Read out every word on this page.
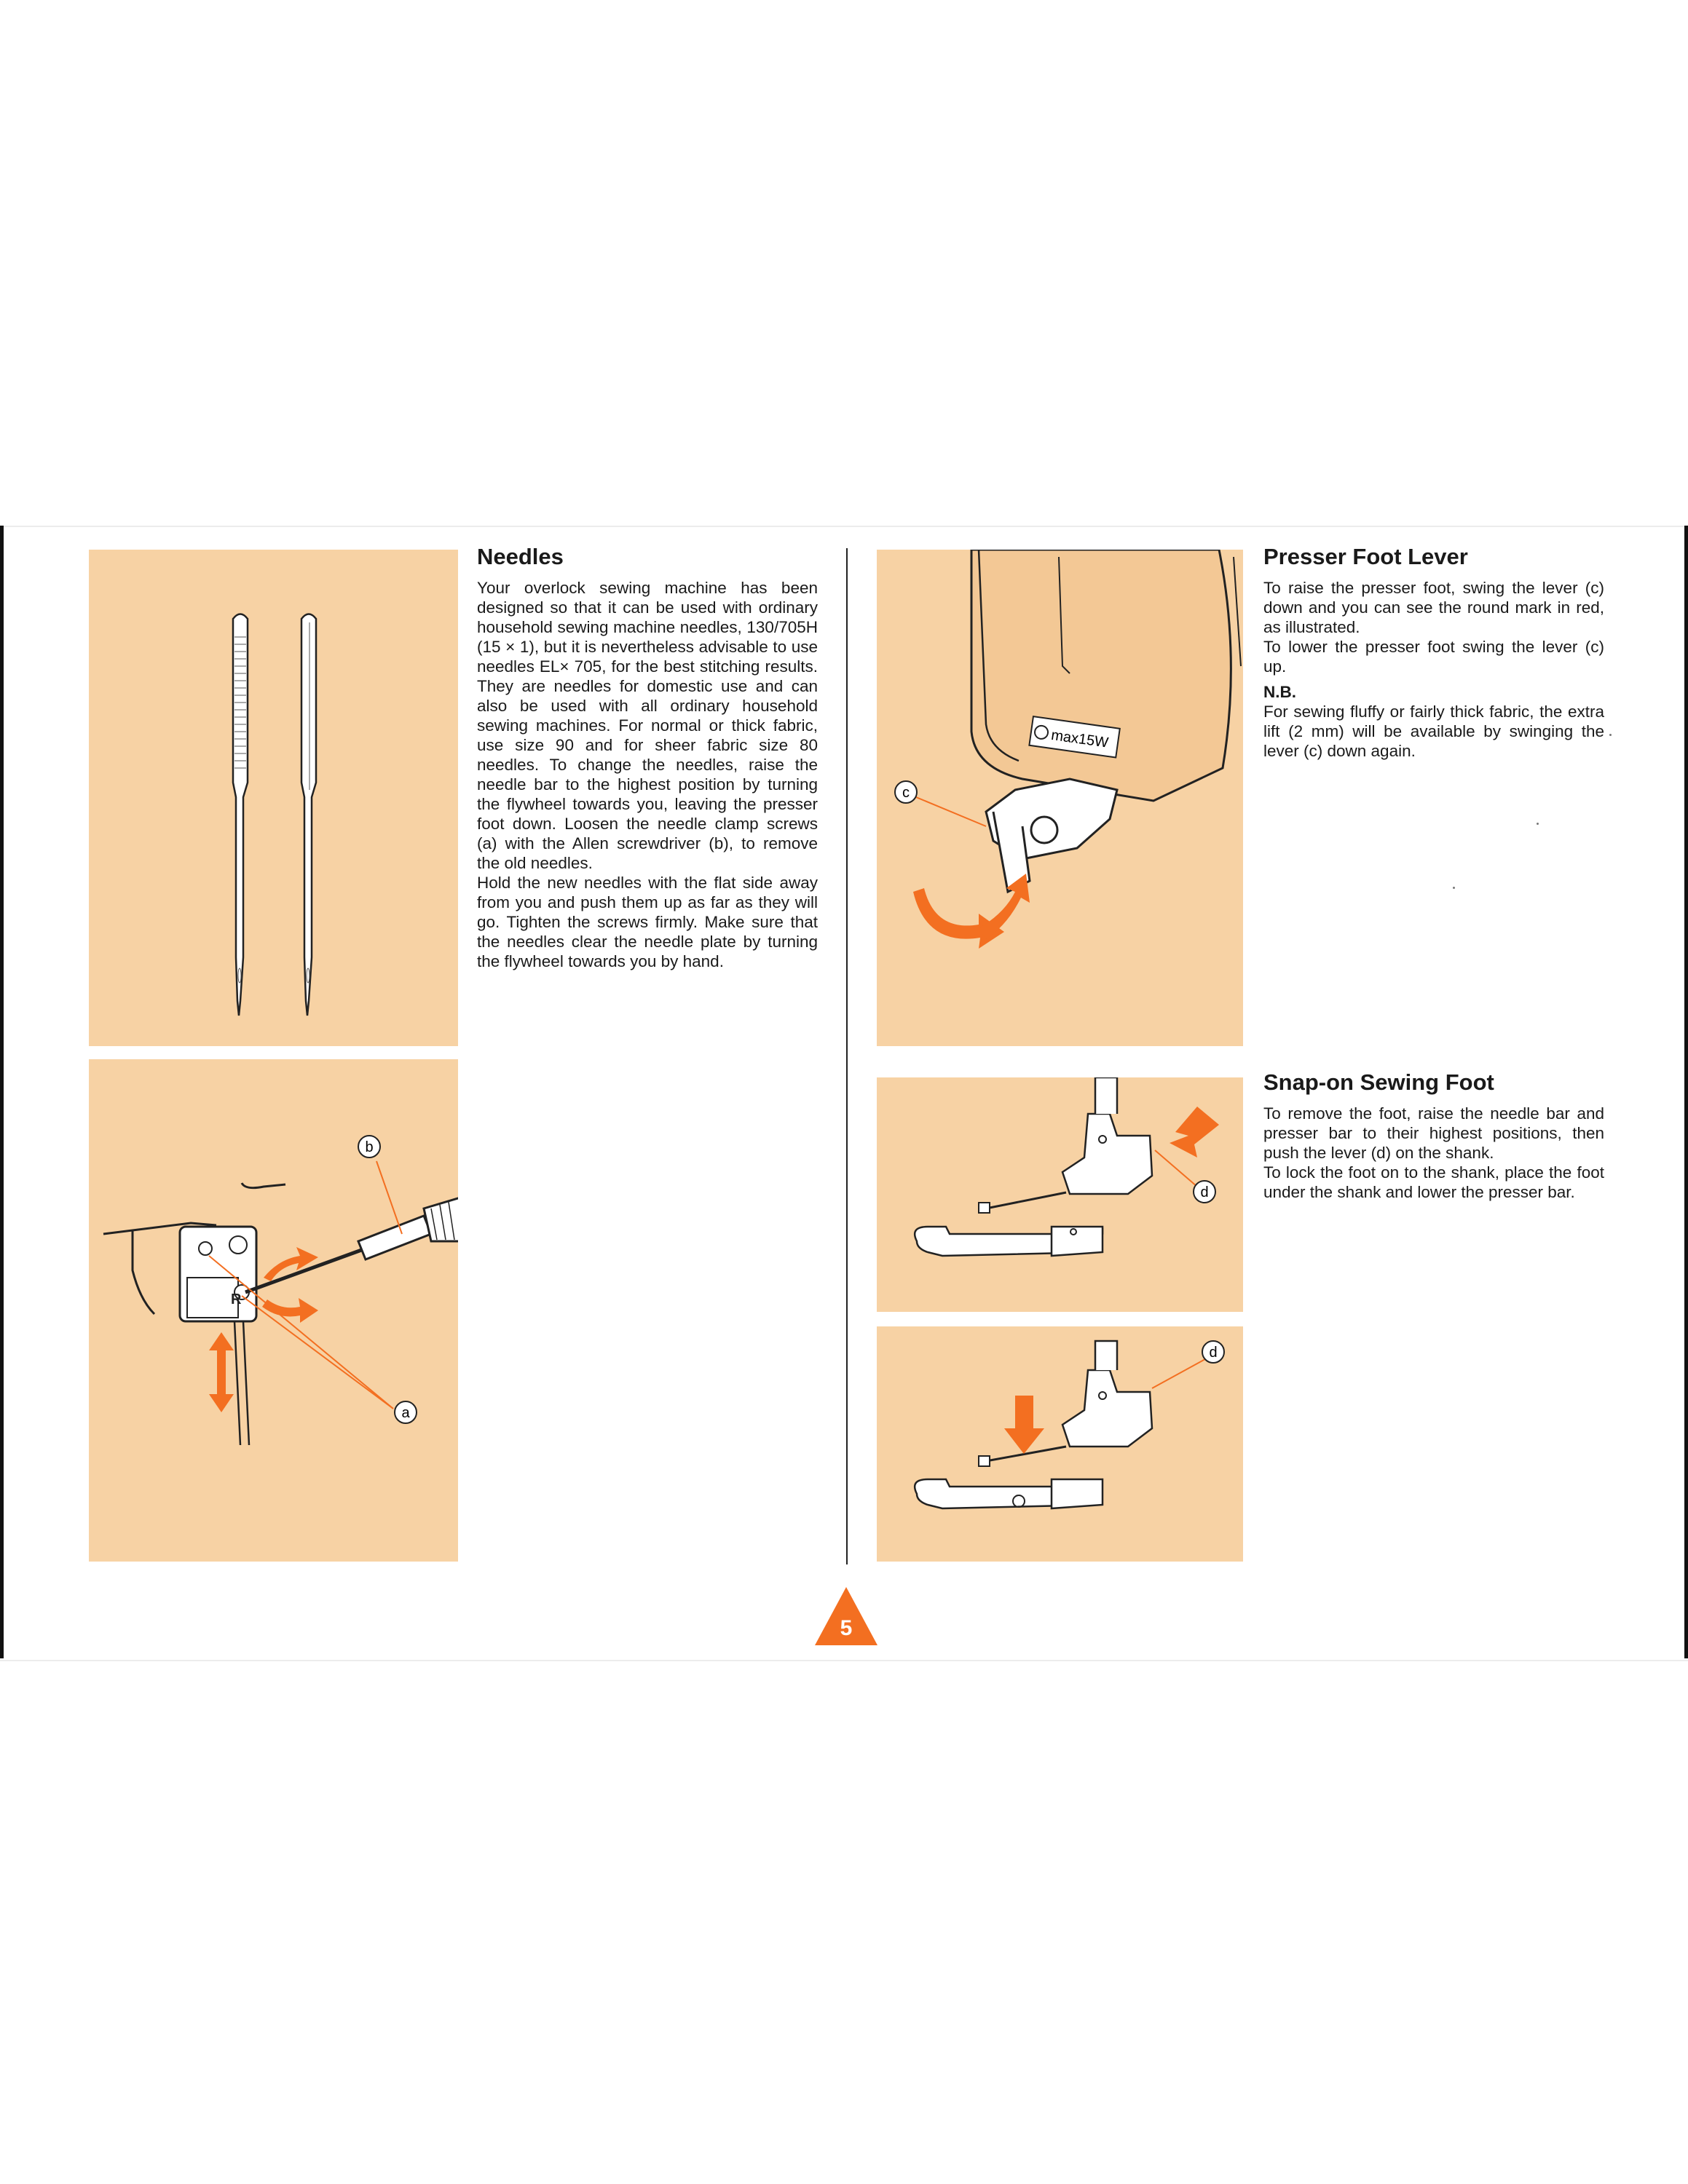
R
b
a
Needles

Your overlock sewing machine has been designed so that it can be used with ordinary household sewing machine needles, 130/705H (15 × 1), but it is nevertheless advisable to use needles EL× 705, for the best stitching results. They are needles for domestic use and can also be used with all ordinary household sewing machines. For normal or thick fabric, use size 90 and for sheer fabric size 80 needles. To change the needles, raise the needle bar to the highest position by turning the flywheel towards you, leaving the presser foot down. Loosen the needle clamp screws (a) with the Allen screwdriver (b), to remove the old needles.

Hold the new needles with the flat side away from you and push them up as far as they will go. Tighten the screws firmly. Make sure that the needles clear the needle plate by turning the flywheel towards you by hand.

max15W
c
Presser Foot Lever

To raise the presser foot, swing the lever (c) down and you can see the round mark in red, as illustrated.

To lower the presser foot swing the lever (c) up.

N.B.

For sewing fluffy or fairly thick fabric, the extra lift (2 mm) will be available by swinging the lever (c) down again.

d
d
Snap-on Sewing Foot

To remove the foot, raise the needle bar and presser bar to their highest positions, then push the lever (d) on the shank.

To lock the foot on to the shank, place the foot under the shank and lower the presser bar.

5
